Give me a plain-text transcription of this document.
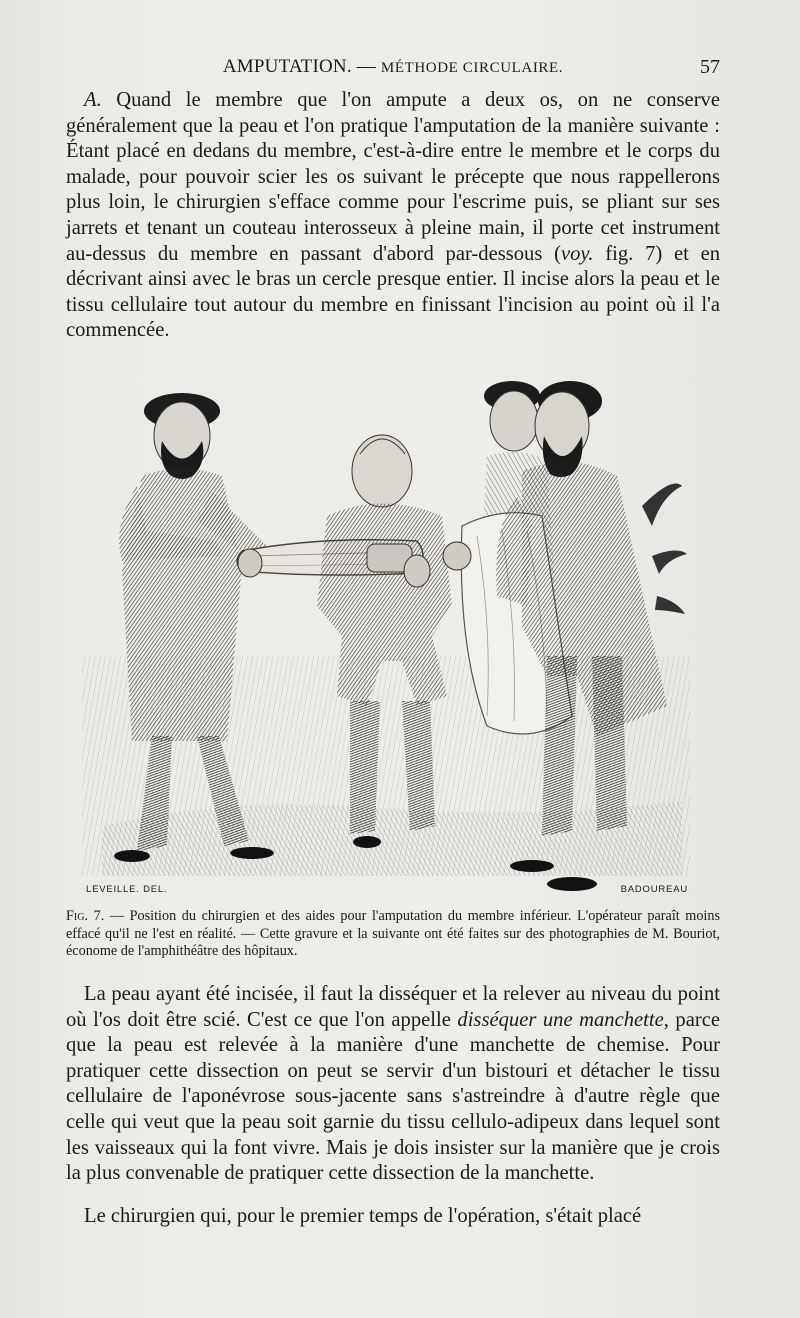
AMPUTATION. — MÉTHODE CIRCULAIRE.	57

A. Quand le membre que l'on ampute a deux os, on ne conserve généralement que la peau et l'on pratique l'amputation de la manière suivante : Étant placé en dedans du membre, c'est-à-dire entre le membre et le corps du malade, pour pouvoir scier les os suivant le précepte que nous rappellerons plus loin, le chirurgien s'efface comme pour l'escrime puis, se pliant sur ses jarrets et tenant un couteau interosseux à pleine main, il porte cet instrument au-dessus du membre en passant d'abord par-dessous (voy. fig. 7) et en décrivant ainsi avec le bras un cercle presque entier. Il incise alors la peau et le tissu cellulaire tout autour du membre en finissant l'incision au point où il l'a commencée.

LEVEILLE. DEL.	BADOUREAU
Fig. 7. — Position du chirurgien et des aides pour l'amputation du membre inférieur. L'opérateur paraît moins effacé qu'il ne l'est en réalité. — Cette gravure et la suivante ont été faites sur des photographies de M. Bouriot, économe de l'amphithéâtre des hôpitaux.

La peau ayant été incisée, il faut la disséquer et la relever au niveau du point où l'os doit être scié. C'est ce que l'on appelle disséquer une manchette, parce que la peau est relevée à la manière d'une manchette de chemise. Pour pratiquer cette dissection on peut se servir d'un bistouri et détacher le tissu cellulaire de l'aponévrose sous-jacente sans s'astreindre à d'autre règle que celle qui veut que la peau soit garnie du tissu cellulo-adipeux dans lequel sont les vaisseaux qui la font vivre. Mais je dois insister sur la manière que je crois la plus convenable de pratiquer cette dissection de la manchette.

Le chirurgien qui, pour le premier temps de l'opération, s'était placé
